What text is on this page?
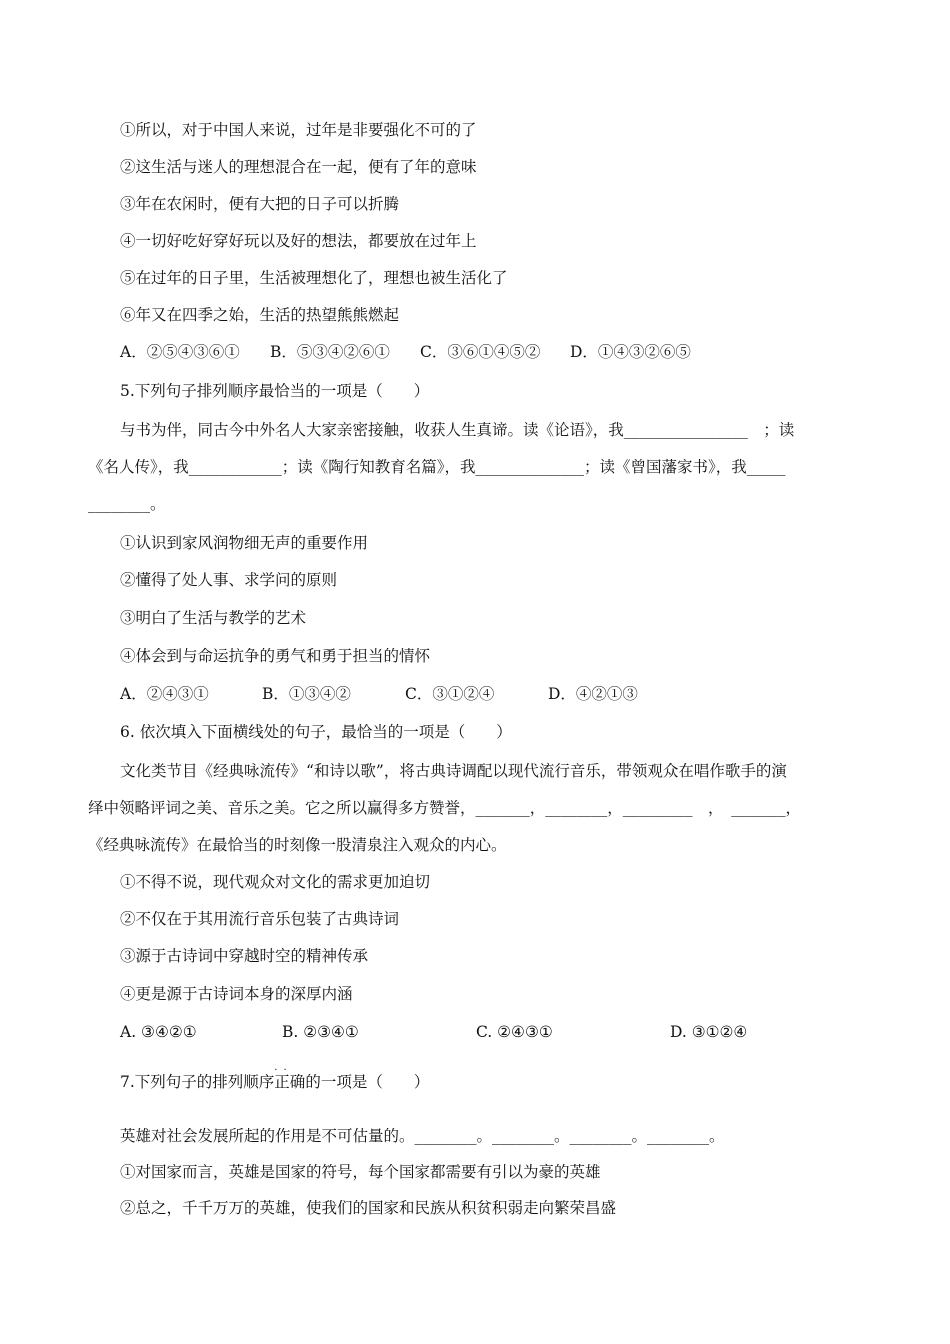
①所以，对于中国人来说，过年是非要强化不可的了
②这生活与迷人的理想混合在一起，便有了年的意味
③年在农闲时，便有大把的日子可以折腾
④一切好吃好穿好玩以及好的想法，都要放在过年上
⑤在过年的日子里，生活被理想化了，理想也被生活化了
⑥年又在四季之始，生活的热望熊熊燃起
A．②⑤④③⑥① B．⑤③④②⑥① C．③⑥①④⑤② D．①④③②⑥⑤
5.下列句子排列顺序最恰当的一项是（　　）
与书为伴，同古今中外名人大家亲密接触，收获人生真谛。读《论语》，我________________　；读
《名人传》，我____________；读《陶行知教育名篇》，我______________；读《曾国藩家书》，我_____
________。
①认识到家风润物细无声的重要作用
②懂得了处人事、求学问的原则
③明白了生活与教学的艺术
④体会到与命运抗争的勇气和勇于担当的情怀
A．②④③①	B．①③④②	C．③①②④	D．④②①③
6. 依次填入下面横线处的句子，最恰当的一项是（　　）
文化类节目《经典咏流传》“和诗以歌”，将古典诗调配以现代流行音乐，带领观众在唱作歌手的演
绎中领略评词之美、音乐之美。它之所以赢得多方赞誉，_______，________，_________　，　_______，
《经典咏流传》在最恰当的时刻像一股清泉注入观众的内心。
①不得不说，现代观众对文化的需求更加迫切
②不仅在于其用流行音乐包装了古典诗词
③源于古诗词中穿越时空的精神传承
④更是源于古诗词本身的深厚内涵
A. ③④②①	B. ②③④①	C. ②④③①	D. ③①②④
7.下列句子的排列顺序
..
正确的一项是（　　）
英雄对社会发展所起的作用是不可估量的。________。________。________。________。
①对国家而言，英雄是国家的符号，每个国家都需要有引以为豪的英雄
②总之，千千万万的英雄，使我们的国家和民族从积贫积弱走向繁荣昌盛
